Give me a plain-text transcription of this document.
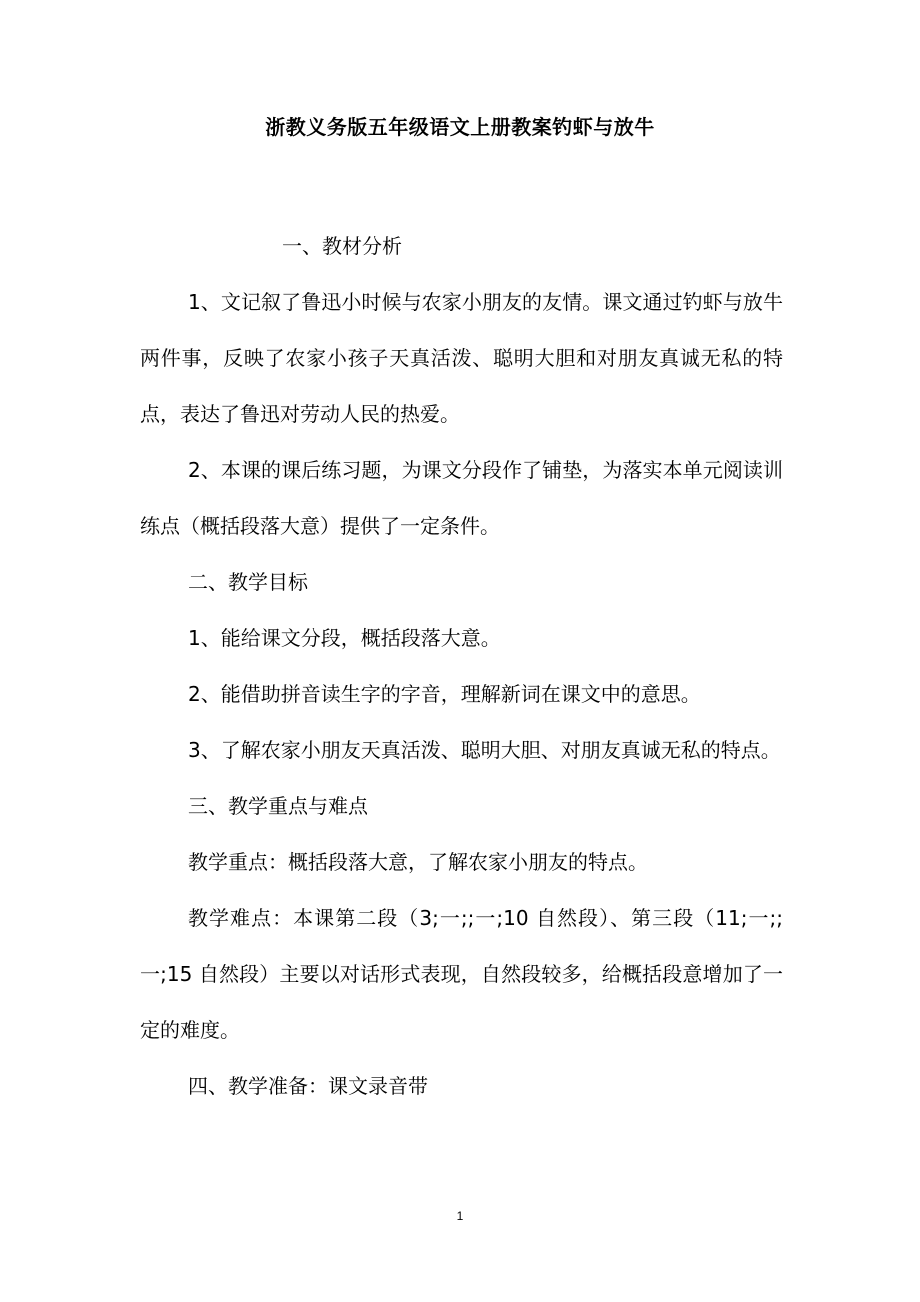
浙教义务版五年级语文上册教案钓虾与放牛

一、教材分析

1、文记叙了鲁迅小时候与农家小朋友的友情。课文通过钓虾与放牛两件事，反映了农家小孩子天真活泼、聪明大胆和对朋友真诚无私的特点，表达了鲁迅对劳动人民的热爱。

2、本课的课后练习题，为课文分段作了铺垫，为落实本单元阅读训练点（概括段落大意）提供了一定条件。

二、教学目标

1、能给课文分段，概括段落大意。

2、能借助拼音读生字的字音，理解新词在课文中的意思。

3、了解农家小朋友天真活泼、聪明大胆、对朋友真诚无私的特点。

三、教学重点与难点

教学重点：概括段落大意，了解农家小朋友的特点。

教学难点：本课第二段（3;一;;一;10 自然段）、第三段（11;一;;一;15 自然段）主要以对话形式表现，自然段较多，给概括段意增加了一定的难度。

四、教学准备：课文录音带

1
